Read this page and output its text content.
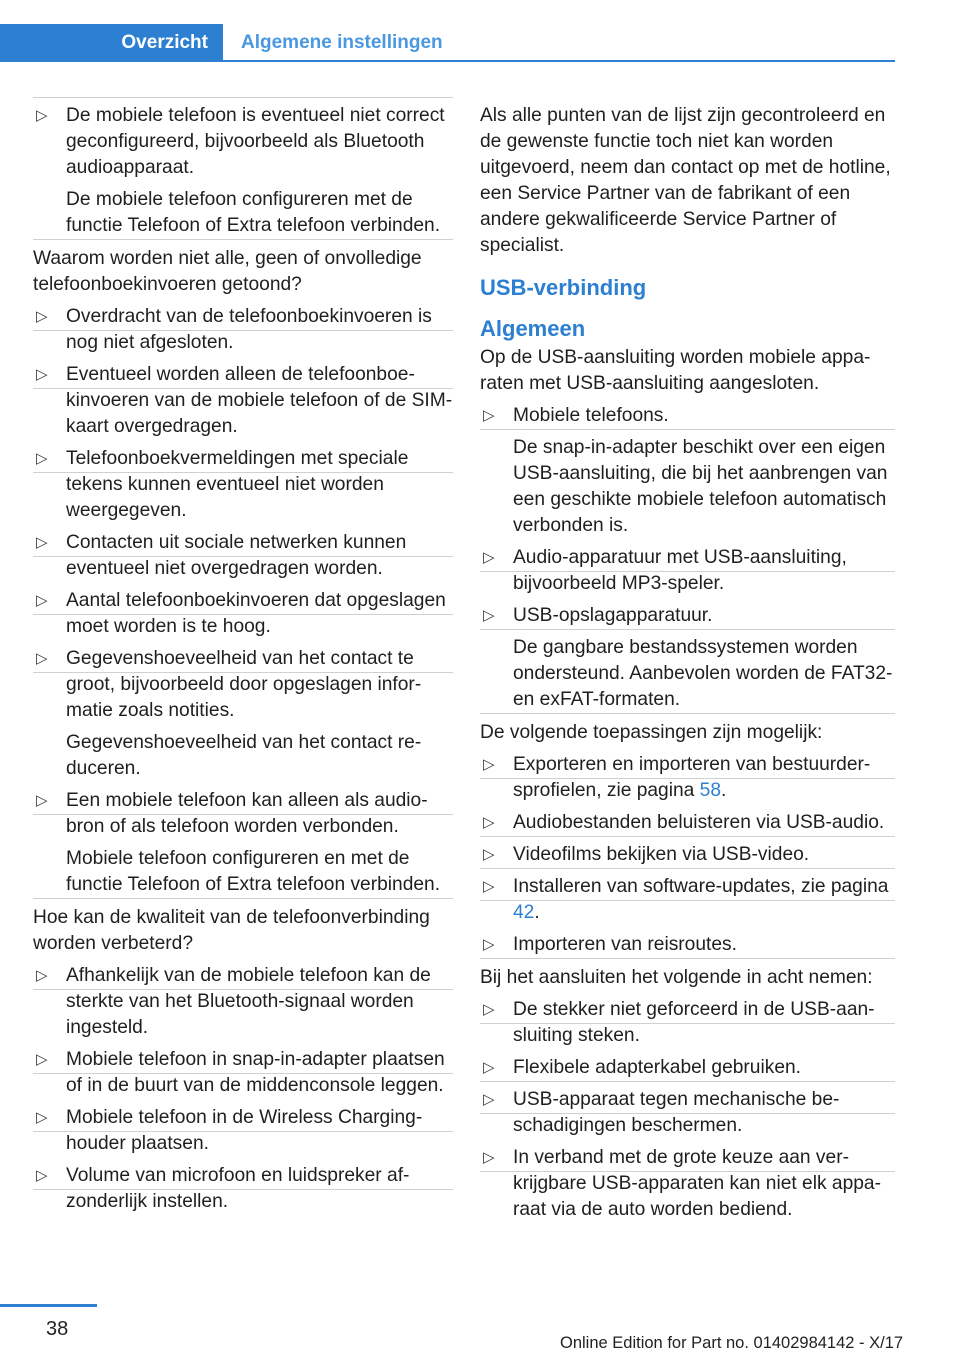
Overzicht	Algemene instellingen
▷ De mobiele telefoon is eventueel niet correct geconfigureerd, bijvoorbeeld als Bluetooth audioapparaat.
De mobiele telefoon configureren met de functie Telefoon of Extra telefoon verbinden.
Waarom worden niet alle, geen of onvolledige telefoonboekinvoeren getoond?
▷ Overdracht van de telefoonboekinvoeren is nog niet afgesloten.
▷ Eventueel worden alleen de telefoonboekinvoeren van de mobiele telefoon of de SIM-kaart overgedragen.
▷ Telefoonboekvermeldingen met speciale tekens kunnen eventueel niet worden weergegeven.
▷ Contacten uit sociale netwerken kunnen eventueel niet overgedragen worden.
▷ Aantal telefoonboekinvoeren dat opgeslagen moet worden is te hoog.
▷ Gegevenshoeveelheid van het contact te groot, bijvoorbeeld door opgeslagen informatie zoals notities.
Gegevenshoeveelheid van het contact reduceren.
▷ Een mobiele telefoon kan alleen als audiobron of als telefoon worden verbonden.
Mobiele telefoon configureren en met de functie Telefoon of Extra telefoon verbinden.
Hoe kan de kwaliteit van de telefoonverbinding worden verbeterd?
▷ Afhankelijk van de mobiele telefoon kan de sterkte van het Bluetooth-signaal worden ingesteld.
▷ Mobiele telefoon in snap-in-adapter plaatsen of in de buurt van de middenconsole leggen.
▷ Mobiele telefoon in de Wireless Charging-houder plaatsen.
▷ Volume van microfoon en luidspreker afzonderlijk instellen.
Als alle punten van de lijst zijn gecontroleerd en de gewenste functie toch niet kan worden uitgevoerd, neem dan contact op met de hotline, een Service Partner van de fabrikant of een andere gekwalificeerde Service Partner of specialist.
USB-verbinding
Algemeen
Op de USB-aansluiting worden mobiele apparaten met USB-aansluiting aangesloten.
▷ Mobiele telefoons.
De snap-in-adapter beschikt over een eigen USB-aansluiting, die bij het aanbrengen van een geschikte mobiele telefoon automatisch verbonden is.
▷ Audio-apparatuur met USB-aansluiting, bijvoorbeeld MP3-speler.
▷ USB-opslagapparatuur.
De gangbare bestandssystemen worden ondersteund. Aanbevolen worden de FAT32- en exFAT-formaten.
De volgende toepassingen zijn mogelijk:
▷ Exporteren en importeren van bestuurdersprofielen, zie pagina 58.
▷ Audiobestanden beluisteren via USB-audio.
▷ Videofilms bekijken via USB-video.
▷ Installeren van software-updates, zie pagina 42.
▷ Importeren van reisroutes.
Bij het aansluiten het volgende in acht nemen:
▷ De stekker niet geforceerd in de USB-aansluiting steken.
▷ Flexibele adapterkabel gebruiken.
▷ USB-apparaat tegen mechanische beschadigingen beschermen.
▷ In verband met de grote keuze aan verkrijgbare USB-apparaten kan niet elk apparaat via de auto worden bediend.
38
Online Edition for Part no. 01402984142 - X/17
